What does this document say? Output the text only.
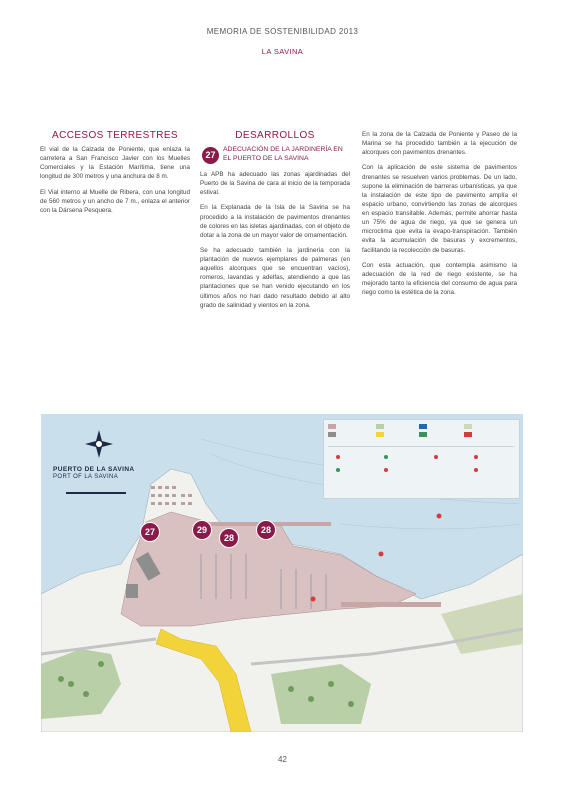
MEMORIA DE SOSTENIBILIDAD 2013
LA SAVINA
ACCESOS TERRESTRES

El vial de la Calzada de Poniente, que enlaza la carretera a San Francisco Javier con los Muelles Comerciales y la Estación Marítima, tiene una longitud de 300 metros y una anchura de 8 m.

El Vial interno al Muelle de Ribera, con una longitud de 560 metros y un ancho de 7 m., enlaza el anterior con la Dársena Pesquera.

DESARROLLOS
27
ADECUACIÓN DE LA JARDINERÍA EN EL PUERTO DE LA SAVINA

La APB ha adecuado las zonas ajardinadas del Puerto de la Savina de cara al inicio de la temporada estival.

En la Explanada de la Isla de la Savina se ha procedido a la instalación de pavimentos drenantes de colores en las isletas ajardinadas, con el objeto de dotar a la zona de un mayor valor de ornamentación.

Se ha adecuado también la jardinería con la plantación de nuevos ejemplares de palmeras (en aquellos alcorques que se encuentran vacíos), romeros, lavandas y adelfas, atendiendo a que las plantaciones que se han venido ejecutando en los últimos años no han dado resultado debido al alto grado de salinidad y vientos en la zona.

En la zona de la Calzada de Poniente y Paseo de la Marina se ha procedido también a la ejecución de alcorques con pavimentos drenantes.

Con la aplicación de este sistema de pavimentos drenantes se resuelven varios problemas. De un lado, supone la eliminación de barreras urbanísticas, ya que la instalación de este tipo de pavimento amplía el espacio urbano, convirtiendo las zonas de alcorques en espacio transitable. Además, permite ahorrar hasta un 75% de agua de riego, ya que se genera un microclima que evita la evapo-transpiración. También evita la acumulación de basuras y excrementos, facilitando la recolección de basuras.

Con esta actuación, que contempla asimismo la adecuación de la red de riego existente, se ha mejorado tanto la eficiencia del consumo de agua para riego como la estética de la zona.

PUERTO DE LA SAVINA
PORT OF LA SAVINA
27	29
28
28
42
